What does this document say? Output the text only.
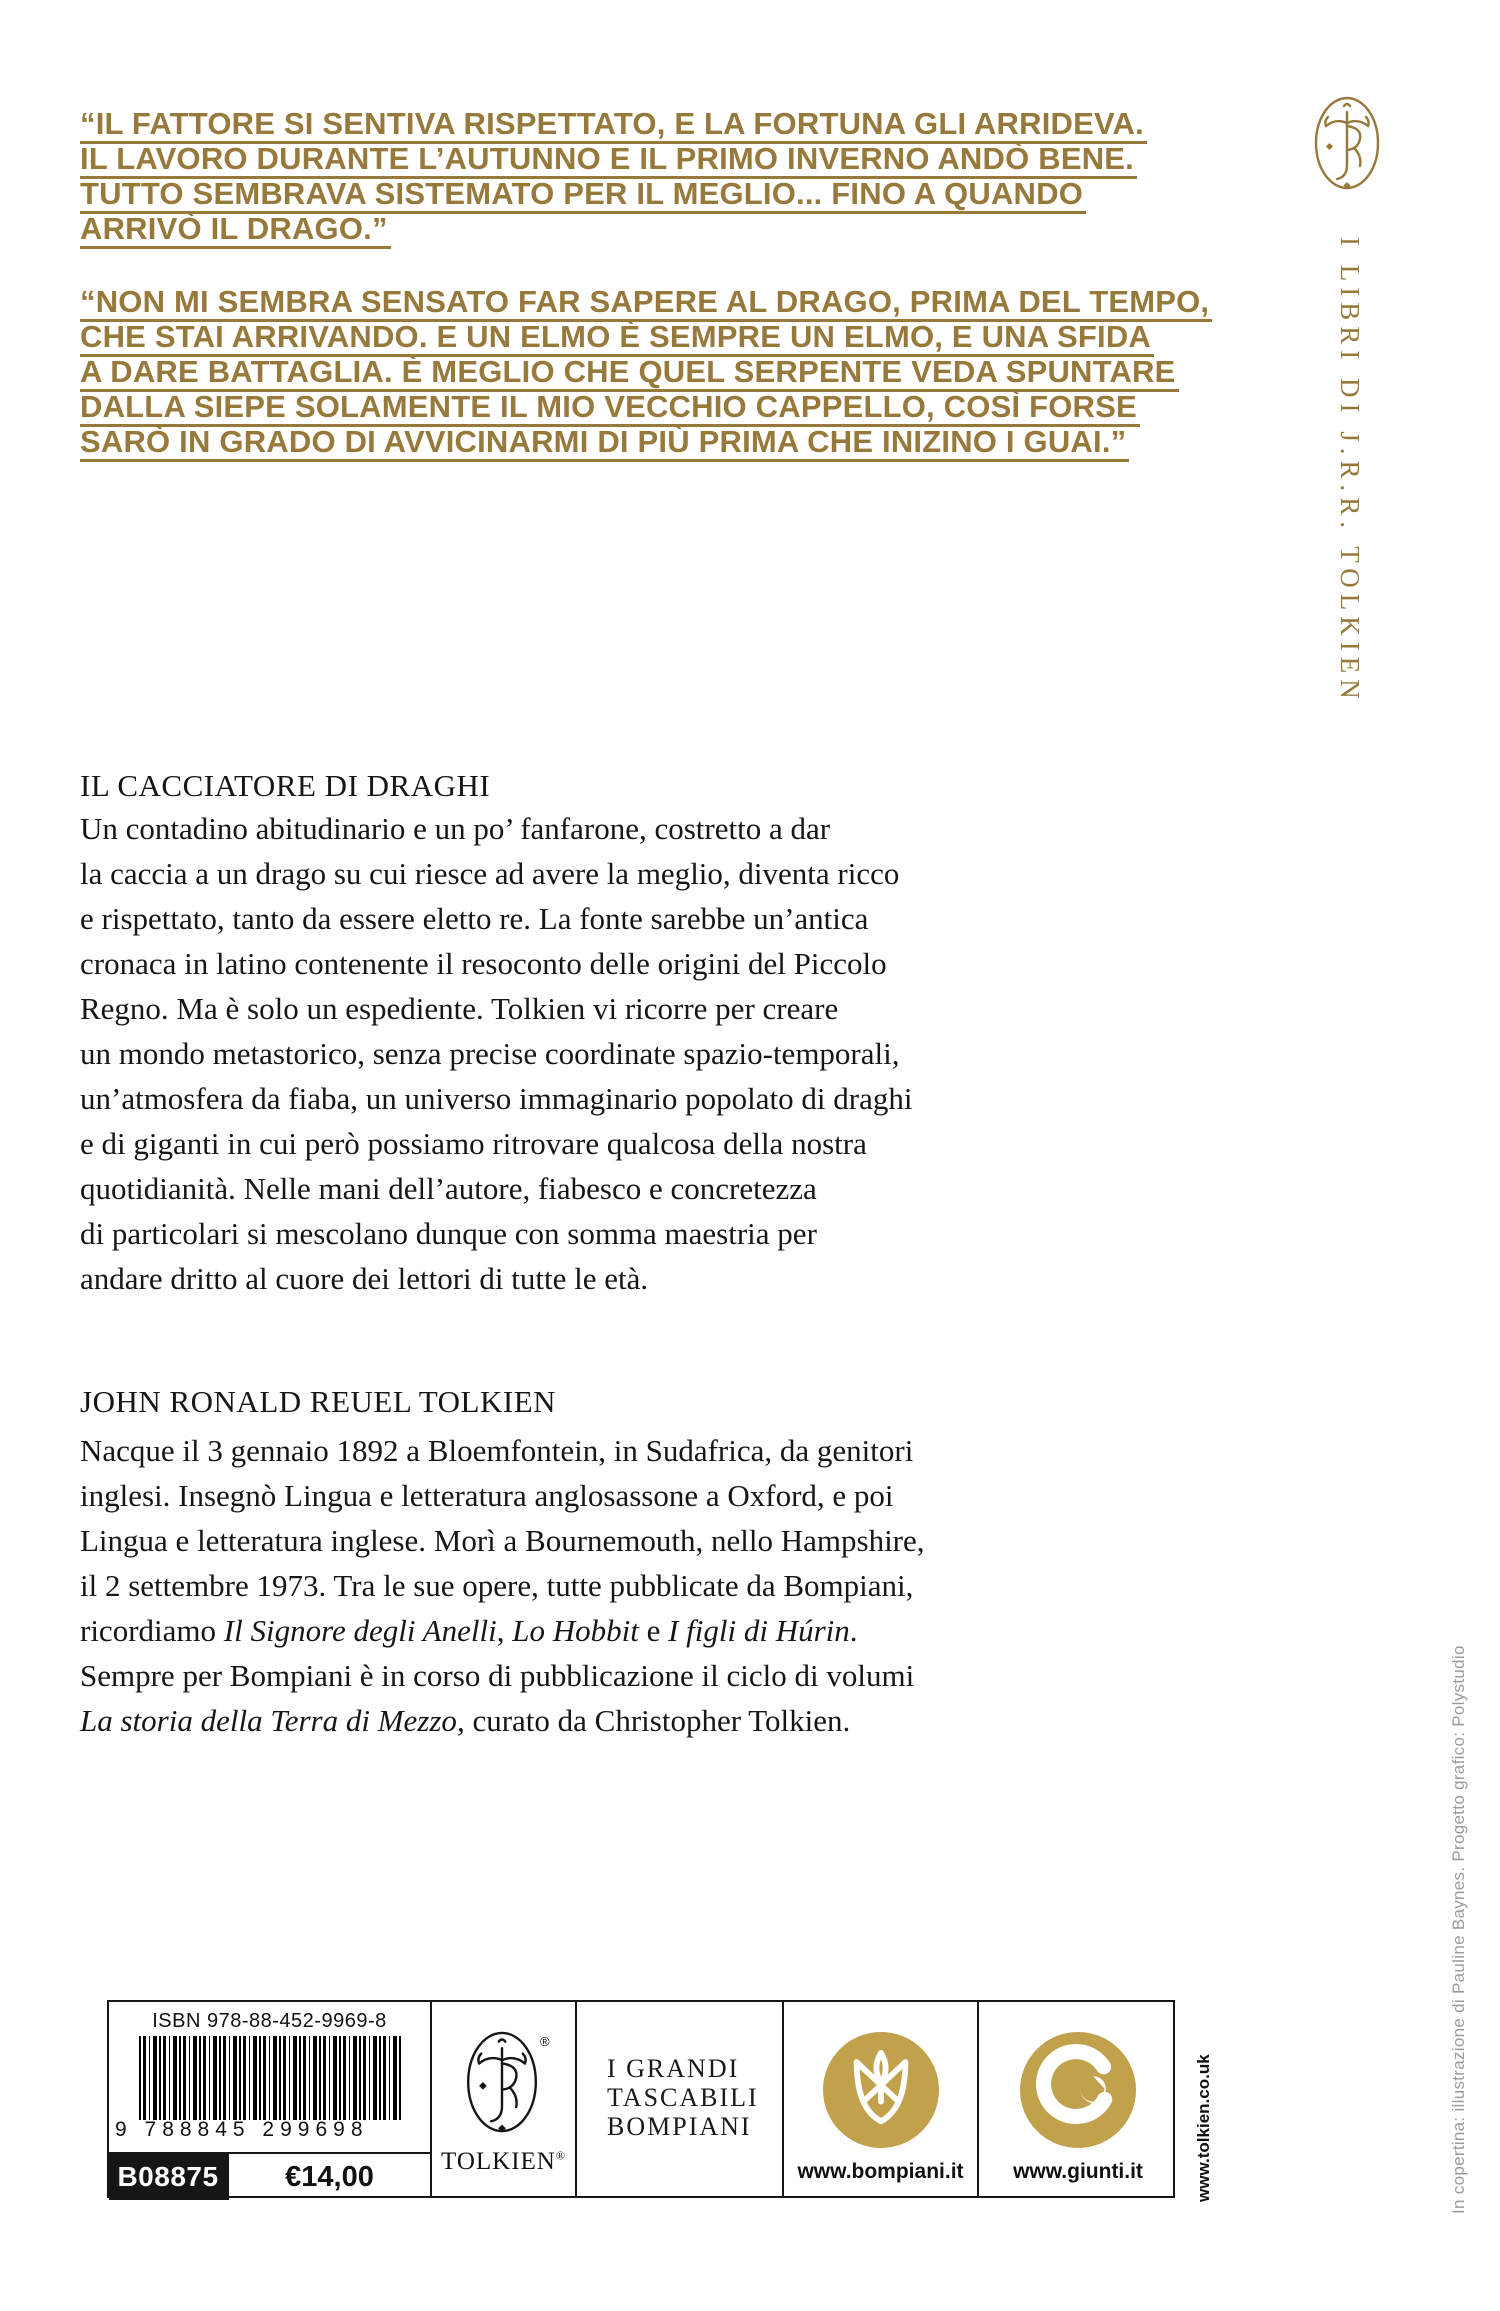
“IL FATTORE SI SENTIVA RISPETTATO, E LA FORTUNA GLI ARRIDEVA.
IL LAVORO DURANTE L’AUTUNNO E IL PRIMO INVERNO ANDÒ BENE.
TUTTO SEMBRAVA SISTEMATO PER IL MEGLIO... FINO A QUANDO
ARRIVÒ IL DRAGO.”
“NON MI SEMBRA SENSATO FAR SAPERE AL DRAGO, PRIMA DEL TEMPO,
CHE STAI ARRIVANDO. E UN ELMO È SEMPRE UN ELMO, E UNA SFIDA
A DARE BATTAGLIA. È MEGLIO CHE QUEL SERPENTE VEDA SPUNTARE
DALLA SIEPE SOLAMENTE IL MIO VECCHIO CAPPELLO, COSÌ FORSE
SARÒ IN GRADO DI AVVICINARMI DI PIÙ PRIMA CHE INIZINO I GUAI.”	I LIBRI DI J.R.R. TOLKIEN
IL CACCIATORE DI DRAGHI
Un contadino abitudinario e un po’ fanfarone, costretto a dar
la caccia a un drago su cui riesce ad avere la meglio, diventa ricco
e rispettato, tanto da essere eletto re. La fonte sarebbe un’antica
cronaca in latino contenente il resoconto delle origini del Piccolo
Regno. Ma è solo un espediente. Tolkien vi ricorre per creare
un mondo metastorico, senza precise coordinate spazio-temporali,
un’atmosfera da fiaba, un universo immaginario popolato di draghi
e di giganti in cui però possiamo ritrovare qualcosa della nostra
quotidianità. Nelle mani dell’autore, fiabesco e concretezza
di particolari si mescolano dunque con somma maestria per
andare dritto al cuore dei lettori di tutte le età.
JOHN RONALD REUEL TOLKIEN
Nacque il 3 gennaio 1892 a Bloemfontein, in Sudafrica, da genitori
inglesi. Insegnò Lingua e letteratura anglosassone a Oxford, e poi
Lingua e letteratura inglese. Morì a Bournemouth, nello Hampshire,
il 2 settembre 1973. Tra le sue opere, tutte pubblicate da Bompiani,
ricordiamo Il Signore degli Anelli, Lo Hobbit e I figli di Húrin.
Sempre per Bompiani è in corso di pubblicazione il ciclo di volumi
La storia della Terra di Mezzo, curato da Christopher Tolkien.	In copertina: illustrazione di Pauline Baynes. Progetto grafico: Polystudio
ISBN 978-88-452-9969-8
9 788845 299698
B08875	€14,00
®
TOLKIEN®
I GRANDI
TASCABILI
BOMPIANI
www.bompiani.it	www.giunti.it	www.tolkien.co.uk
